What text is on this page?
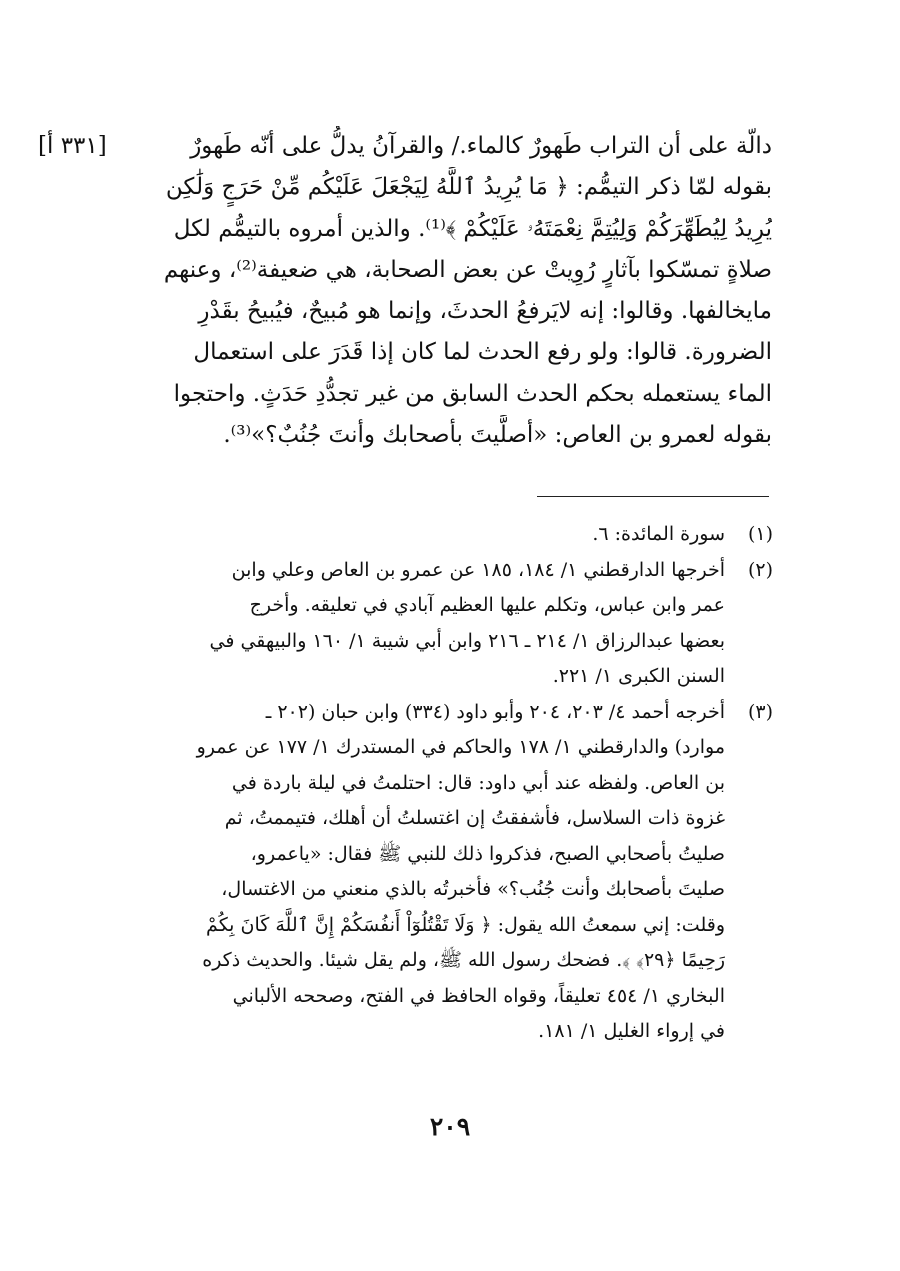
[٣٣١ أ]	دالّة على أن التراب طَهورٌ كالماء./ والقرآنُ يدلُّ على أنّه طَهورٌ
بقوله لمّا ذكر التيمُّم: ﴿ مَا يُرِيدُ ٱللَّهُ لِيَجْعَلَ عَلَيْكُم مِّنْ حَرَجٍ وَلَٰكِن
يُرِيدُ لِيُطَهِّرَكُمْ وَلِيُتِمَّ نِعْمَتَهُۥ عَلَيْكُمْ ﴾⁽¹⁾. والذين أمروه بالتيمُّم لكل
صلاةٍ تمسّكوا بآثارٍ رُوِيتْ عن بعض الصحابة، هي ضعيفة⁽²⁾، وعنهم
مايخالفها. وقالوا: إنه لايَرفعُ الحدثَ، وإنما هو مُبيحٌ، فيُبيحُ بقَدْرِ
الضرورة. قالوا: ولو رفع الحدث لما كان إذا قَدَرَ على استعمال
الماء يستعمله بحكم الحدث السابق من غير تجدُّدِ حَدَثٍ. واحتجوا
بقوله لعمرو بن العاص: «أصلَّيتَ بأصحابك وأنتَ جُنُبٌ؟»⁽³⁾.
(١)
سورة المائدة: ٦.
(٢)
أخرجها الدارقطني ١/ ١٨٤، ١٨٥ عن عمرو بن العاص وعلي وابن
عمر وابن عباس، وتكلم عليها العظيم آبادي في تعليقه. وأخرج
بعضها عبدالرزاق ١/ ٢١٤ ـ ٢١٦ وابن أبي شيبة ١/ ١٦٠ والبيهقي في
السنن الكبرى ١/ ٢٢١.
(٣)
أخرجه أحمد ٤/ ٢٠٣، ٢٠٤ وأبو داود (٣٣٤) وابن حبان (٢٠٢ ـ
موارد) والدارقطني ١/ ١٧٨ والحاكم في المستدرك ١/ ١٧٧ عن عمرو
بن العاص. ولفظه عند أبي داود: قال: احتلمتُ في ليلة باردة في
غزوة ذات السلاسل، فأشفقتُ إن اغتسلتُ أن أهلك، فتيممتُ، ثم
صليتُ بأصحابي الصبح، فذكروا ذلك للنبي ﷺ فقال: «ياعمرو،
صليتَ بأصحابك وأنت جُنُب؟» فأخبرتُه بالذي منعني من الاغتسال،
وقلت: إني سمعتُ الله يقول: ﴿ وَلَا تَقْتُلُوٓاْ أَنفُسَكُمْ إِنَّ ٱللَّهَ كَانَ بِكُمْ
رَحِيمًا ﴿٢٩﴾ ﴾. فضحك رسول الله ﷺ، ولم يقل شيئا. والحديث ذكره
البخاري ١/ ٤٥٤ تعليقاً، وقواه الحافظ في الفتح، وصححه الألباني
في إرواء الغليل ١/ ١٨١.
٢٠٩
